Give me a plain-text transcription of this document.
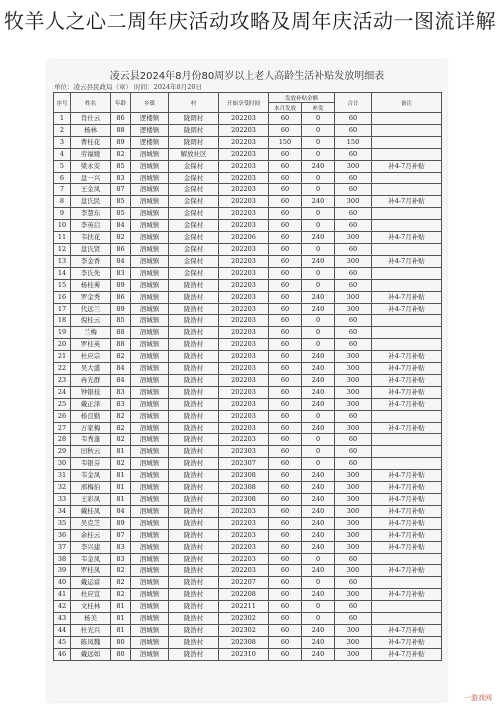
牧羊人之心二周年庆活动攻略及周年庆活动一图流详解
凌云县2024年8月份80周岁以上老人高龄生活补贴发放明细表
单位：凌云县民政局（章） 时间：2024年8月20日
序号	姓名	年龄	乡镇	村	开始享受时间	发放补贴金额		合计	备注
						本月发放	补发		
1	肖仕云	86	逻楼镇	陇朗村	202203	60	0	60	
2	杨林	88	逻楼镇	陇朗村	202203	60	0	60	
3	曹桂花	89	逻楼镇	陇朗村	202203	150	0	150	
4	劳福媛	82	泗城镇	解放社区	202203	60	0	60	
5	梁永安	85	泗城镇	金保村	202203	60	240	300	补4-7月补贴
6	盘一兴	83	泗城镇	金保村	202203	60	0	60	
7	王金凤	87	泗城镇	金保村	202203	60	0	60	
8	盘氏民	85	泗城镇	金保村	202203	60	240	300	补4-7月补贴
9	李慧东	85	泗城镇	金保村	202203	60	0	60	
10	李英启	84	泗城镇	金保村	202203	60	0	60	
11	韦扶花	82	泗城镇	金保村	202206	60	240	300	补4-7月补贴
12	盘氏贤	86	泗城镇	金保村	202203	60	0	60	
13	李金香	84	泗城镇	金保村	202203	60	240	300	补4-7月补贴
14	李氏先	83	泗城镇	金保村	202203	60	0	60	
15	杨桂莠	89	泗城镇	陇浩村	202203	60	0	60	
16	罗金秀	86	泗城镇	陇浩村	202203	60	240	300	补4-7月补贴
17	代远兰	89	泗城镇	陇浩村	202203	60	240	300	补4-7月补贴
18	倪桂云	85	泗城镇	陇浩村	202203	60	0	60	
19	兰梅	88	泗城镇	陇浩村	202203	60	0	60	
20	罗桂英	88	泗城镇	陇浩村	202203	60	0	60	
21	杜应宗	82	泗城镇	陇浩村	202203	60	240	300	补4-7月补贴
22	吴大盛	84	泗城镇	陇浩村	202203	60	240	300	补4-7月补贴
23	冉光群	84	泗城镇	陇浩村	202203	60	240	300	补4-7月补贴
24	钟银枝	83	泗城镇	陇浩村	202203	60	240	300	补4-7月补贴
25	戴正泽	83	泗城镇	陇浩村	202203	60	240	300	补4-7月补贴
26	杨良勤	82	泗城镇	陇浩村	202203	60	0	60	
27	万家梅	82	泗城镇	陇浩村	202203	60	240	300	补4-7月补贴
28	韦秀蓬	82	泗城镇	陇浩村	202203	60	0	60	
29	田秋云	81	泗城镇	陇浩村	202303	60	0	60	
30	韦银芬	82	泗城镇	陇浩村	202307	60	0	60	
31	韦金凤	81	泗城镇	陇浩村	202308	60	240	300	补4-7月补贴
32	邢梅伯	81	泗城镇	陇浩村	202308	60	240	300	补4-7月补贴
33	王彩凤	81	泗城镇	陇浩村	202308	60	240	300	补4-7月补贴
34	戴桂凤	84	泗城镇	陇浩村	202203	60	240	300	补4-7月补贴
35	吴克芝	89	泗城镇	陇浩村	202203	60	240	300	补4-7月补贴
36	余桂云	87	泗城镇	陇浩村	202203	60	240	300	补4-7月补贴
37	李兴建	83	泗城镇	陇浩村	202203	60	240	300	补4-7月补贴
38	韦金凤	83	泗城镇	陇浩村	202203	60	0	60	
39	罗桂凤	82	泗城镇	陇浩村	202203	60	240	300	补4-7月补贴
40	戴运富	82	泗城镇	陇浩村	202207	60	0	60	
41	杜应宣	82	泗城镇	陇浩村	202208	60	240	300	补4-7月补贴
42	文桂林	81	泗城镇	陇浩村	202211	60	0	60	
43	杨美	81	泗城镇	陇浩村	202302	60	0	60	
44	杜光兴	81	泗城镇	陇浩村	202302	60	240	300	补4-7月补贴
45	陈凤魏	80	泗城镇	陇浩村	202308	60	240	300	补4-7月补贴
46	戴远如	80	泗城镇	陇浩村	202310	60	240	300	补4-7月补贴
一游戏网
